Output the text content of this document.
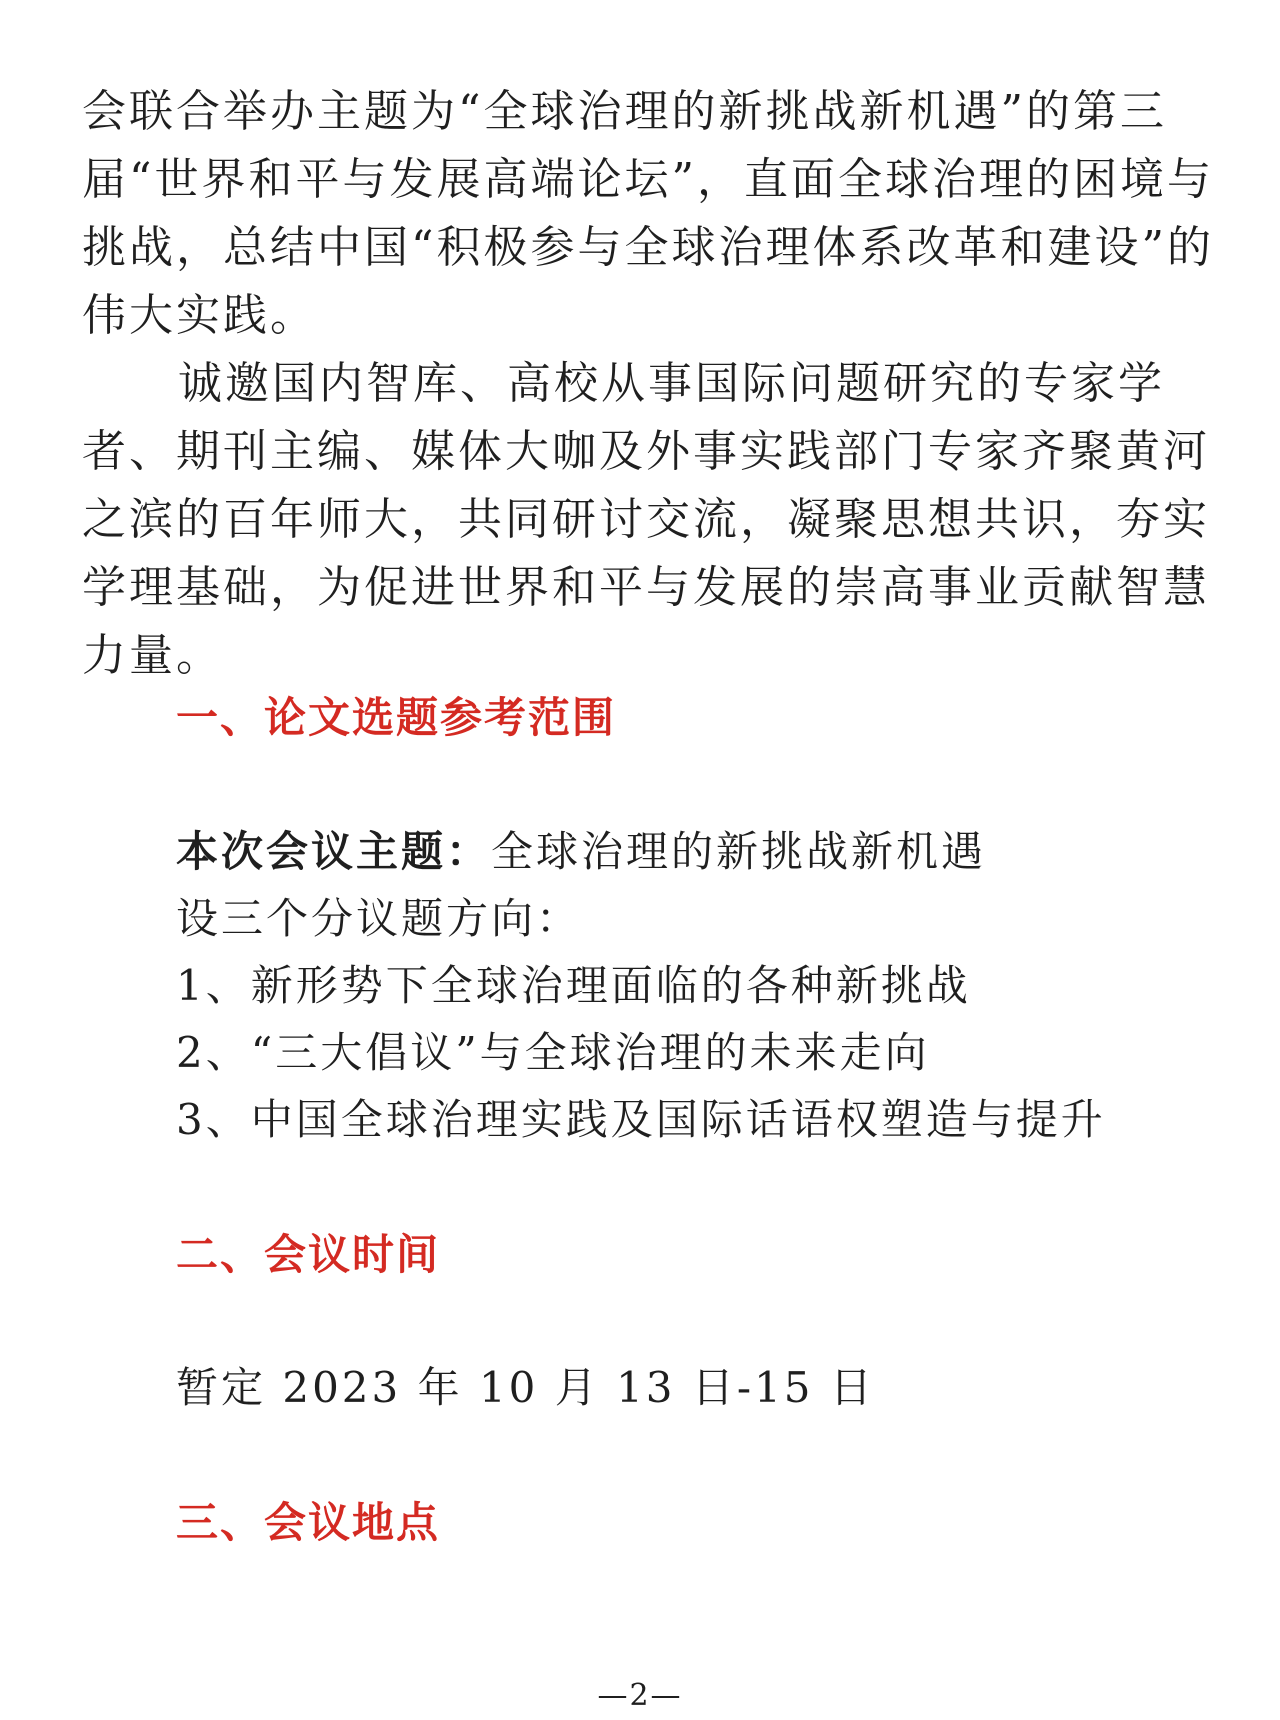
会联合举办主题为“全球治理的新挑战新机遇”的第三届“世界和平与发展高端论坛”，直面全球治理的困境与挑战，总结中国“积极参与全球治理体系改革和建设”的伟大实践。
诚邀国内智库、高校从事国际问题研究的专家学者、期刊主编、媒体大咖及外事实践部门专家齐聚黄河之滨的百年师大，共同研讨交流，凝聚思想共识，夯实学理基础，为促进世界和平与发展的崇高事业贡献智慧力量。
一、论文选题参考范围
本次会议主题：全球治理的新挑战新机遇
设三个分议题方向：
1、新形势下全球治理面临的各种新挑战
2、“三大倡议”与全球治理的未来走向
3、中国全球治理实践及国际话语权塑造与提升
二、会议时间
暂定 2023 年 10 月 13 日-15 日
三、会议地点
—2—
